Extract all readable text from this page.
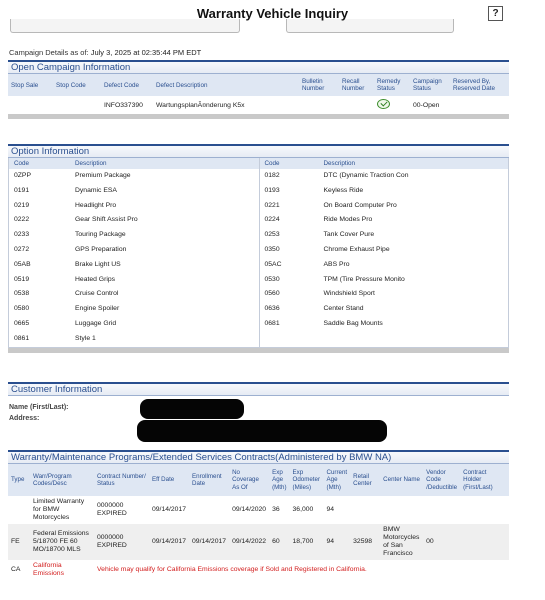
Warranty Vehicle Inquiry	?
Campaign Details as of: July 3, 2025 at 02:35:44 PM EDT
Open Campaign Information
Stop Sale	Stop Code	Defect Code	Defect Description	Bulletin Number	Recall Number	Remedy Status	Campaign Status	Reserved By, Reserved Date
		INFO337390	WartungsplanÃ¤nderung K5x				00-Open	
Option Information
Code	Description
0ZPP	Premium Package
0191	Dynamic ESA
0219	Headlight Pro
0222	Gear Shift Assist Pro
0233	Touring Package
0272	GPS Preparation
05AB	Brake Light US
0519	Heated Grips
0538	Cruise Control
0580	Engine Spoiler
0665	Luggage Grid
0861	Style 1
Code	Description
0182	DTC (Dynamic Traction Con
0193	Keyless Ride
0221	On Board Computer Pro
0224	Ride Modes Pro
0253	Tank Cover Pure
0350	Chrome Exhaust Pipe
05AC	ABS Pro
0530	TPM (Tire Pressure Monito
0560	Windshield Sport
0636	Center Stand
0681	Saddle Bag Mounts
Customer Information
Name (First/Last):
Address:
Warranty/Maintenance Programs/Extended Services Contracts(Administered by BMW NA)
Type	Warr/Program Codes/Desc	Contract Number/ Status	Eff Date	Enrollment Date	No Coverage As Of	Exp Age (Mth)	Exp Odometer (Miles)	Current Age (Mth)	Retail Center	Center Name	Vendor Code /Deductible	Contract Holder (First/Last)
	Limited Warranty for BMW Motorcycles	0000000 EXPIRED	09/14/2017		09/14/2020	36	36,000	94				
FE	Federal Emissions 5/18700 FE 60 MO/18700 MLS	0000000 EXPIRED	09/14/2017	09/14/2017	09/14/2022	60	18,700	94	32598	BMW Motorcycles of San Francisco	00	
CA	California Emissions	Vehicle may qualify for California Emissions coverage if Sold and Registered in California.										
